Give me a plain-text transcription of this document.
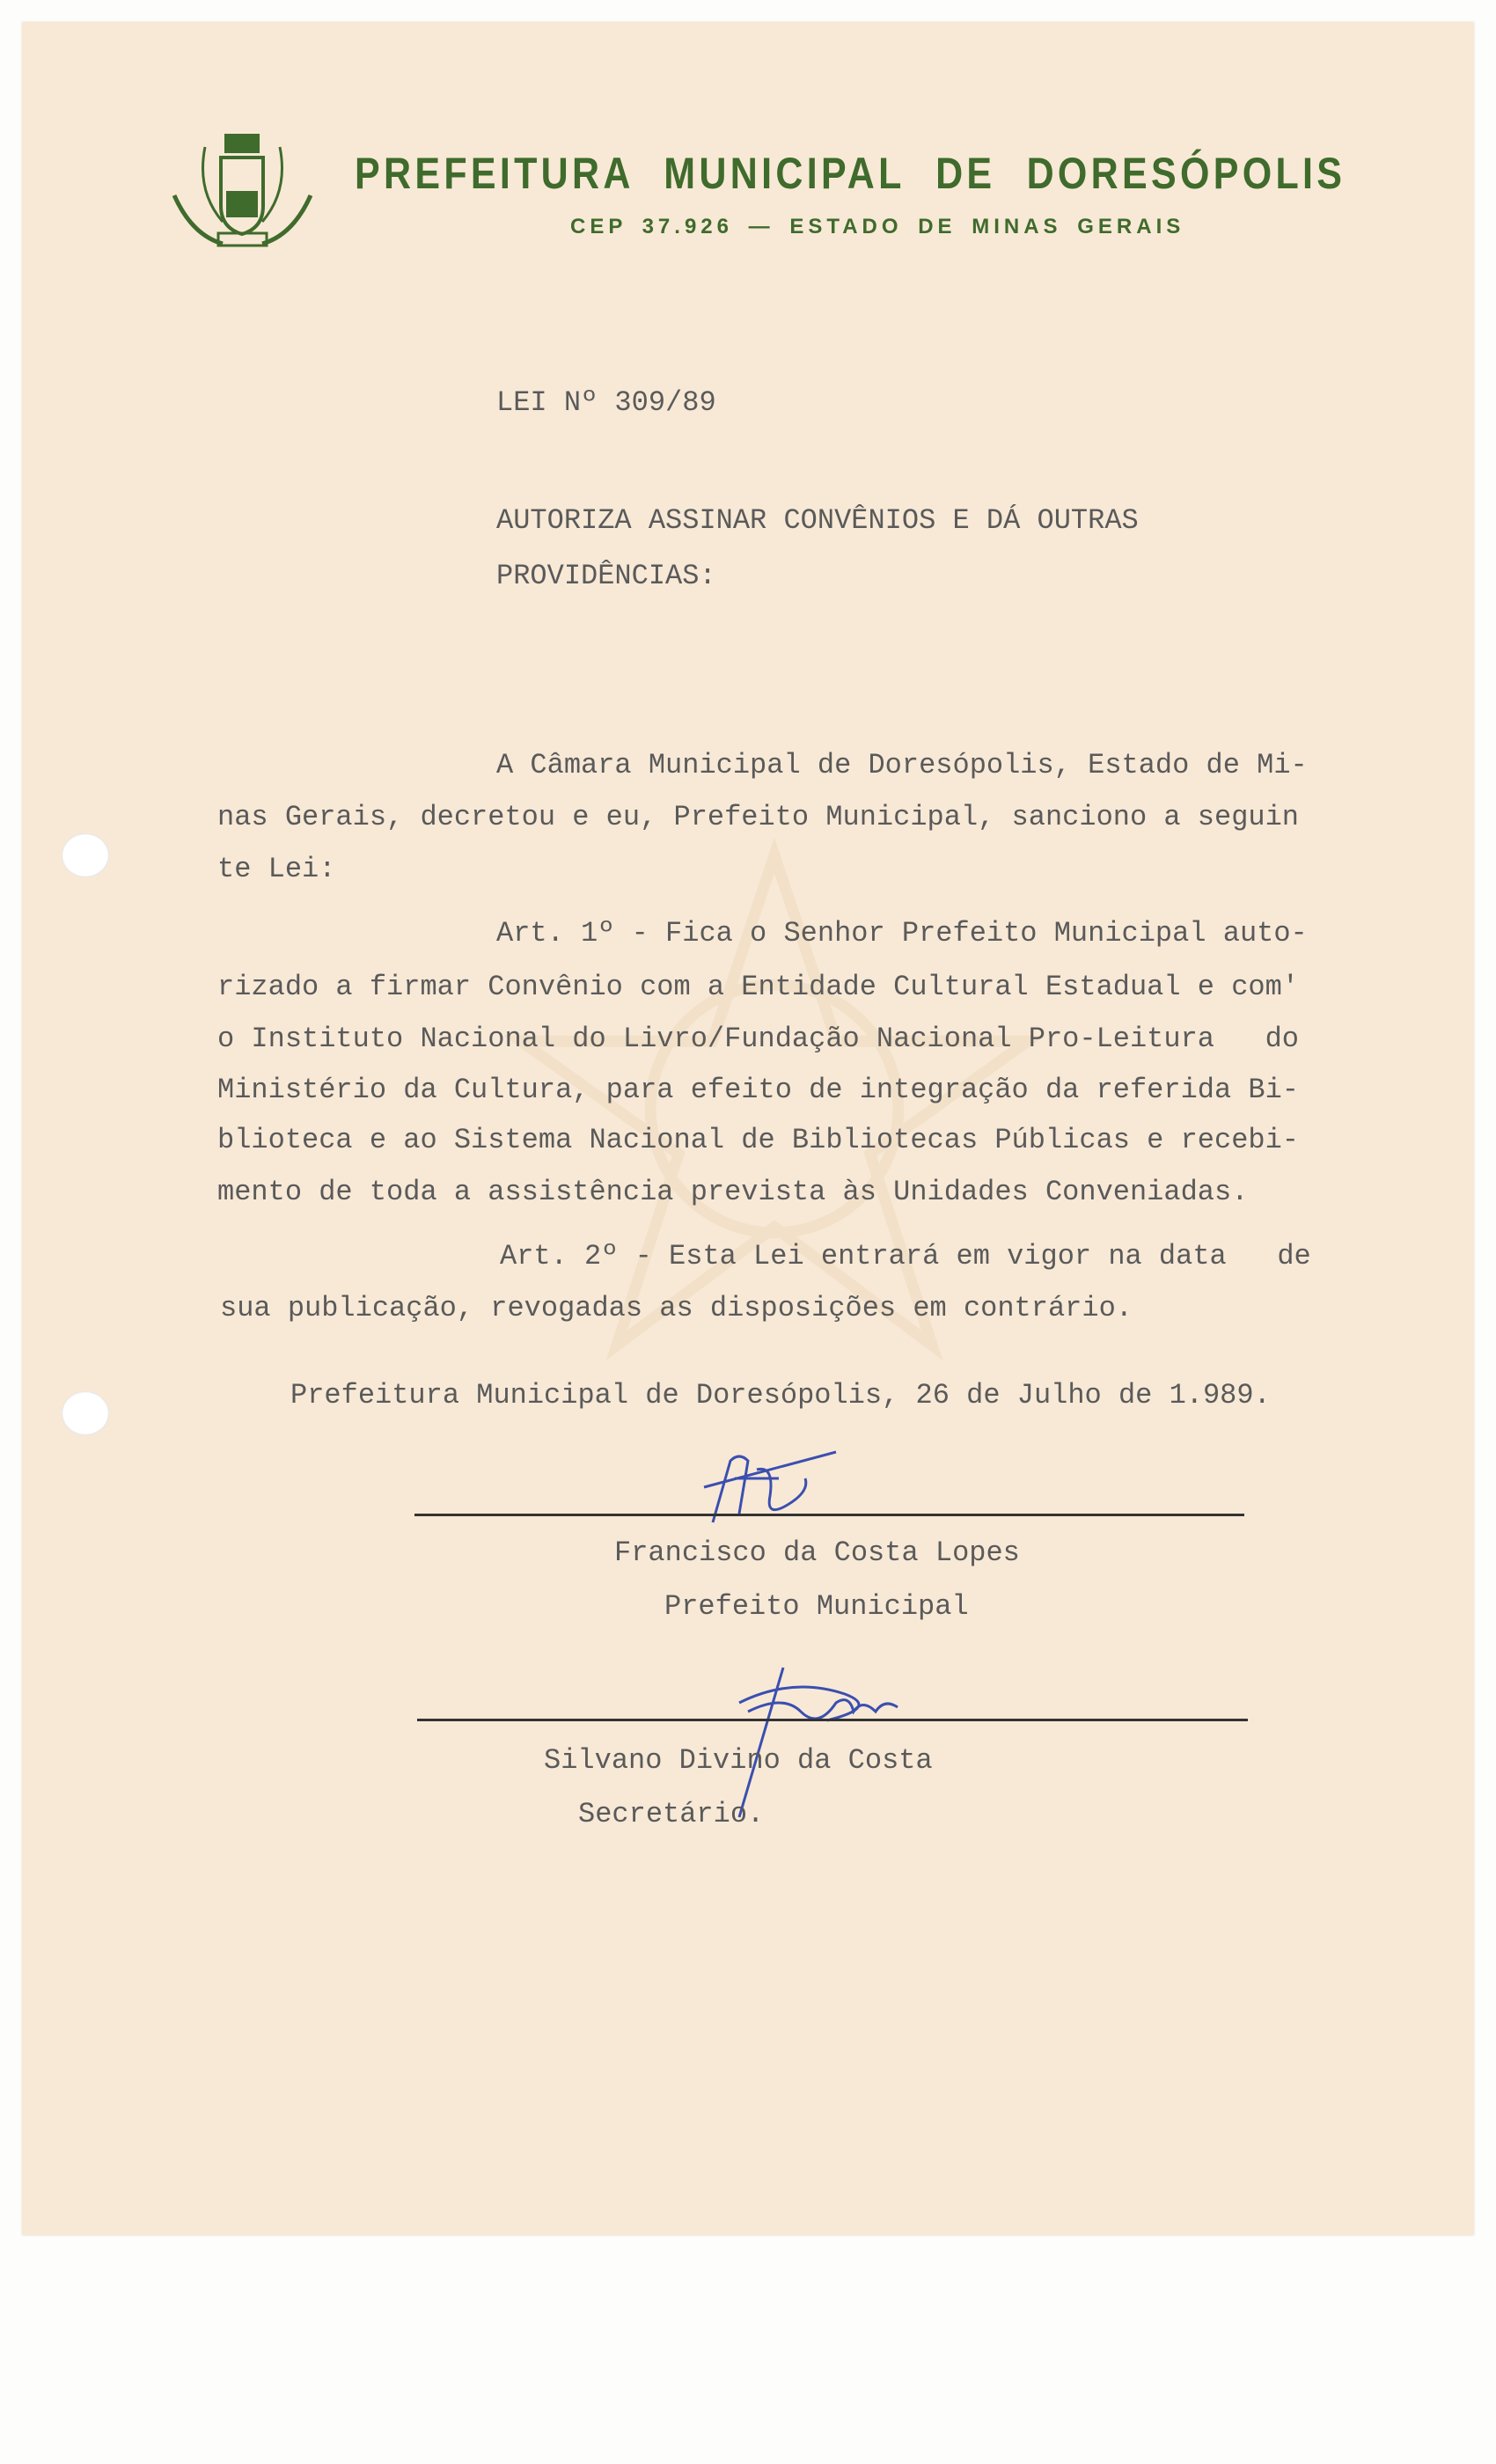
PREFEITURA MUNICIPAL DE DORESÓPOLIS
CEP 37.926 — ESTADO DE MINAS GERAIS
LEI Nº 309/89
AUTORIZA ASSINAR CONVÊNIOS E DÁ OUTRAS
PROVIDÊNCIAS:
A Câmara Municipal de Doresópolis, Estado de Mi-
nas Gerais, decretou e eu, Prefeito Municipal, sanciono a seguin
te Lei:
Art. 1º - Fica o Senhor Prefeito Municipal auto-
rizado a firmar Convênio com a Entidade Cultural Estadual e com'
o Instituto Nacional do Livro/Fundação Nacional Pro-Leitura   do
Ministério da Cultura, para efeito de integração da referida Bi-
blioteca e ao Sistema Nacional de Bibliotecas Públicas e recebi-
mento de toda a assistência prevista às Unidades Conveniadas.
Art. 2º - Esta Lei entrará em vigor na data   de
sua publicação, revogadas as disposições em contrário.
Prefeitura Municipal de Doresópolis, 26 de Julho de 1.989.
Francisco da Costa Lopes
Prefeito Municipal
Silvano Divino da Costa
Secretário.
